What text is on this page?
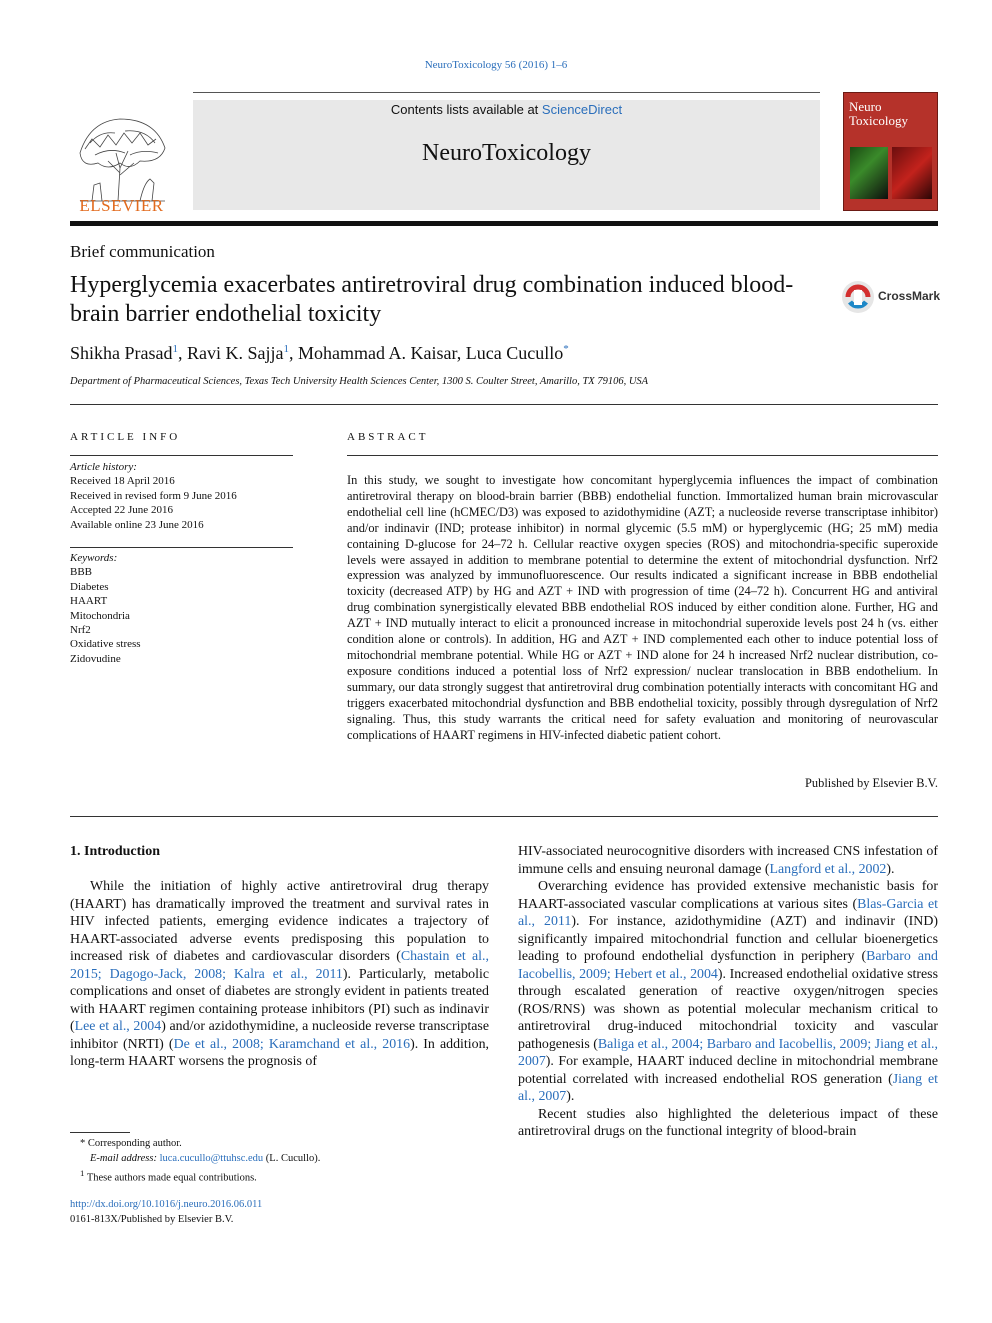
NeuroToxicology 56 (2016) 1–6
ELSEVIER
Contents lists available at ScienceDirect
NeuroToxicology
Neuro
Toxicology
Brief communication
Hyperglycemia exacerbates antiretroviral drug combination induced blood-brain barrier endothelial toxicity
CrossMark
Shikha Prasad$^1$, Ravi K. Sajja$^1$, Mohammad A. Kaisar, Luca Cucullo*
Department of Pharmaceutical Sciences, Texas Tech University Health Sciences Center, 1300 S. Coulter Street, Amarillo, TX 79106, USA
ARTICLE INFO
Article history:
Received 18 April 2016
Received in revised form 9 June 2016
Accepted 22 June 2016
Available online 23 June 2016
Keywords:
BBB
Diabetes
HAART
Mitochondria
Nrf2
Oxidative stress
Zidovudine
ABSTRACT
In this study, we sought to investigate how concomitant hyperglycemia influences the impact of combination antiretroviral therapy on blood-brain barrier (BBB) endothelial function. Immortalized human brain microvascular endothelial cell line (hCMEC/D3) was exposed to azidothymidine (AZT; a nucleoside reverse transcriptase inhibitor) and/or indinavir (IND; protease inhibitor) in normal glycemic (5.5 mM) or hyperglycemic (HG; 25 mM) media containing D-glucose for 24–72 h. Cellular reactive oxygen species (ROS) and mitochondria-specific superoxide levels were assayed in addition to membrane potential to determine the extent of mitochondrial dysfunction. Nrf2 expression was analyzed by immunofluorescence. Our results indicated a significant increase in BBB endothelial toxicity (decreased ATP) by HG and AZT + IND with progression of time (24–72 h). Concurrent HG and antiviral drug combination synergistically elevated BBB endothelial ROS induced by either condition alone. Further, HG and AZT + IND mutually interact to elicit a pronounced increase in mitochondrial superoxide levels post 24 h (vs. either condition alone or controls). In addition, HG and AZT + IND complemented each other to induce potential loss of mitochondrial membrane potential. While HG or AZT + IND alone for 24 h increased Nrf2 nuclear distribution, co-exposure conditions induced a potential loss of Nrf2 expression/ nuclear translocation in BBB endothelium. In summary, our data strongly suggest that antiretroviral drug combination potentially interacts with concomitant HG and triggers exacerbated mitochondrial dysfunction and BBB endothelial toxicity, possibly through dysregulation of Nrf2 signaling. Thus, this study warrants the critical need for safety evaluation and monitoring of neurovascular complications of HAART regimens in HIV-infected diabetic patient cohort.
Published by Elsevier B.V.
1. Introduction

While the initiation of highly active antiretroviral drug therapy (HAART) has dramatically improved the treatment and survival rates in HIV infected patients, emerging evidence indicates a trajectory of HAART-associated adverse events predisposing this population to increased risk of diabetes and cardiovascular disorders (Chastain et al., 2015; Dagogo-Jack, 2008; Kalra et al., 2011). Particularly, metabolic complications and onset of diabetes are strongly evident in patients treated with HAART regimen containing protease inhibitors (PI) such as indinavir (Lee et al., 2004) and/or azidothymidine, a nucleoside reverse transcriptase inhibitor (NRTI) (De et al., 2008; Karamchand et al., 2016). In addition, long-term HAART worsens the prognosis of

HIV-associated neurocognitive disorders with increased CNS infestation of immune cells and ensuing neuronal damage (Langford et al., 2002).

Overarching evidence has provided extensive mechanistic basis for HAART-associated vascular complications at various sites (Blas-Garcia et al., 2011). For instance, azidothymidine (AZT) and indinavir (IND) significantly impaired mitochondrial function and cellular bioenergetics leading to profound endothelial dysfunction in periphery (Barbaro and Iacobellis, 2009; Hebert et al., 2004). Increased endothelial oxidative stress through escalated generation of reactive oxygen/nitrogen species (ROS/RNS) was shown as potential molecular mechanism critical to antiretroviral drug-induced mitochondrial toxicity and vascular pathogenesis (Baliga et al., 2004; Barbaro and Iacobellis, 2009; Jiang et al., 2007). For example, HAART induced decline in mitochondrial membrane potential correlated with increased endothelial ROS generation (Jiang et al., 2007).

Recent studies also highlighted the deleterious impact of these antiretroviral drugs on the functional integrity of blood-brain

* Corresponding author.
E-mail address: luca.cucullo@ttuhsc.edu (L. Cucullo).
$^1$ These authors made equal contributions.
http://dx.doi.org/10.1016/j.neuro.2016.06.011
0161-813X/Published by Elsevier B.V.
